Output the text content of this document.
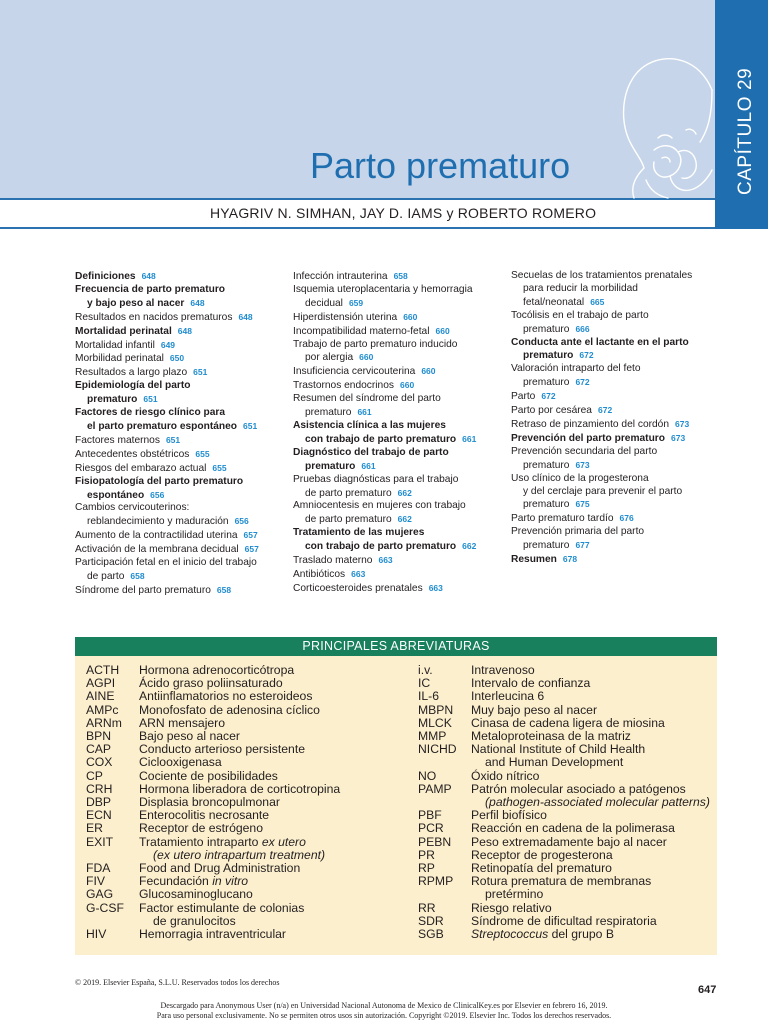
CAPÍTULO29
Parto prematuro
HYAGRIV N. SIMHAN, JAY D. IAMS y ROBERTO ROMERO
Definiciones 648
Frecuencia de parto prematuro
y bajo peso al nacer 648
Resultados en nacidos prematuros 648
Mortalidad perinatal 648
Mortalidad infantil 649
Morbilidad perinatal 650
Resultados a largo plazo 651
Epidemiología del parto
prematuro 651
Factores de riesgo clínico para
el parto prematuro espontáneo 651
Factores maternos 651
Antecedentes obstétricos 655
Riesgos del embarazo actual 655
Fisiopatología del parto prematuro
espontáneo 656
Cambios cervicouterinos:
reblandecimiento y maduración 656
Aumento de la contractilidad uterina 657
Activación de la membrana decidual 657
Participación fetal en el inicio del trabajo
de parto 658
Síndrome del parto prematuro 658
Infección intrauterina 658
Isquemia uteroplacentaria y hemorragia
decidual 659
Hiperdistensión uterina 660
Incompatibilidad materno-fetal 660
Trabajo de parto prematuro inducido
por alergia 660
Insuficiencia cervicouterina 660
Trastornos endocrinos 660
Resumen del síndrome del parto
prematuro 661
Asistencia clínica a las mujeres
con trabajo de parto prematuro 661
Diagnóstico del trabajo de parto
prematuro 661
Pruebas diagnósticas para el trabajo
de parto prematuro 662
Amniocentesis en mujeres con trabajo
de parto prematuro 662
Tratamiento de las mujeres
con trabajo de parto prematuro 662
Traslado materno 663
Antibióticos 663
Corticoesteroides prenatales 663
Secuelas de los tratamientos prenatales
para reducir la morbilidad
fetal/neonatal 665
Tocólisis en el trabajo de parto
prematuro 666
Conducta ante el lactante en el parto
prematuro 672
Valoración intraparto del feto
prematuro 672
Parto 672
Parto por cesárea 672
Retraso de pinzamiento del cordón 673
Prevención del parto prematuro 673
Prevención secundaria del parto
prematuro 673
Uso clínico de la progesterona
y del cerclaje para prevenir el parto
prematuro 675
Parto prematuro tardío 676
Prevención primaria del parto
prematuro 677
Resumen 678
PRINCIPALES ABREVIATURAS
ACTH	Hormona adrenocorticótropa
AGPI	Ácido graso poliinsaturado
AINE	Antiinflamatorios no esteroideos
AMPc	Monofosfato de adenosina cíclico
ARNm	ARN mensajero
BPN	Bajo peso al nacer
CAP	Conducto arterioso persistente
COX	Ciclooxigenasa
CP	Cociente de posibilidades
CRH	Hormona liberadora de corticotropina
DBP	Displasia broncopulmonar
ECN	Enterocolitis necrosante
ER	Receptor de estrógeno
EXIT	Tratamiento intraparto ex utero
(ex utero intrapartum treatment)
FDA	Food and Drug Administration
FIV	Fecundación in vitro
GAG	Glucosaminoglucano
G-CSF	Factor estimulante de colonias
de granulocitos
HIV	Hemorragia intraventricular
i.v.	Intravenoso
IC	Intervalo de confianza
IL-6	Interleucina 6
MBPN	Muy bajo peso al nacer
MLCK	Cinasa de cadena ligera de miosina
MMP	Metaloproteinasa de la matriz
NICHD	National Institute of Child Health
and Human Development
NO	Óxido nítrico
PAMP	Patrón molecular asociado a patógenos
(pathogen-associated molecular patterns)
PBF	Perfil biofísico
PCR	Reacción en cadena de la polimerasa
PEBN	Peso extremadamente bajo al nacer
PR	Receptor de progesterona
RP	Retinopatía del prematuro
RPMP	Rotura prematura de membranas
pretérmino
RR	Riesgo relativo
SDR	Síndrome de dificultad respiratoria
SGB	Streptococcus del grupo B
© 2019. Elsevier España, S.L.U. Reservados todos los derechos
647
Descargado para Anonymous User (n/a) en Universidad Nacional Autonoma de Mexico de ClinicalKey.es por Elsevier en febrero 16, 2019.
Para uso personal exclusivamente. No se permiten otros usos sin autorización. Copyright ©2019. Elsevier Inc. Todos los derechos reservados.
